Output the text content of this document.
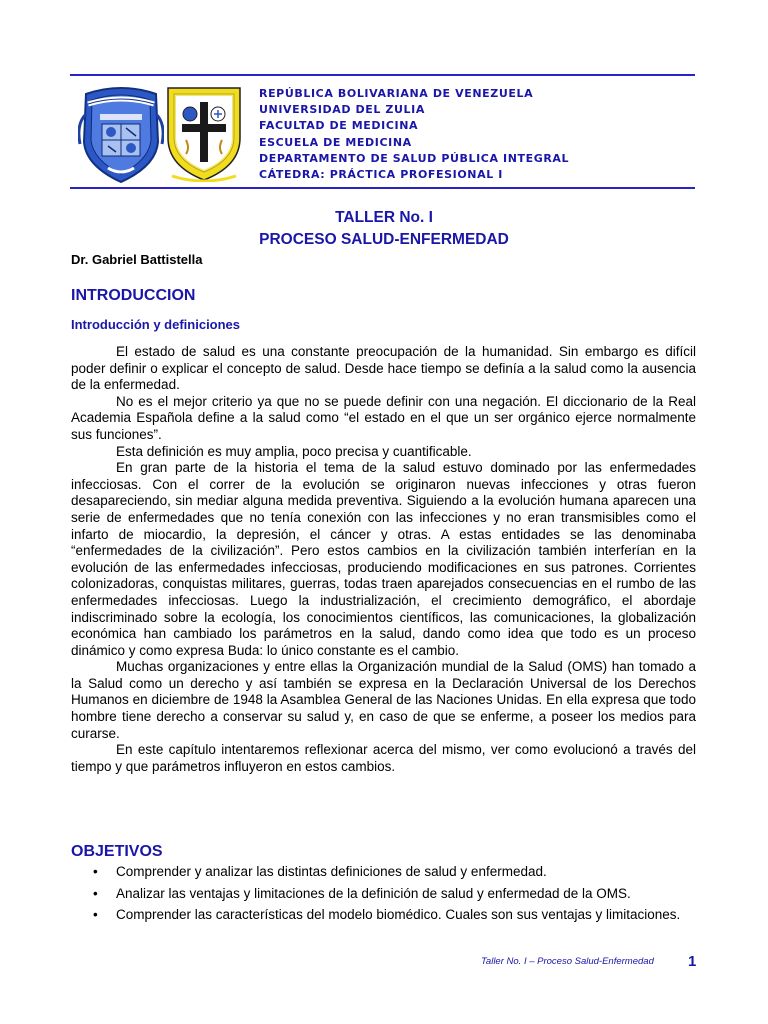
REPÚBLICA BOLIVARIANA DE VENEZUELA
UNIVERSIDAD DEL ZULIA
FACULTAD DE MEDICINA
ESCUELA DE MEDICINA
DEPARTAMENTO DE SALUD PÚBLICA INTEGRAL
CÁTEDRA: PRÁCTICA PROFESIONAL I
TALLER No. I
PROCESO SALUD-ENFERMEDAD
Dr. Gabriel Battistella
INTRODUCCION
Introducción y definiciones

El estado de salud es una constante preocupación de la humanidad. Sin embargo es difícil poder definir o explicar el concepto de salud. Desde hace tiempo se definía a la salud como la ausencia de la enfermedad.

No es el mejor criterio ya que no se puede definir con una negación. El diccionario de la Real Academia Española define a la salud como “el estado en el que un ser orgánico ejerce normalmente sus funciones”.

Esta definición es muy amplia, poco precisa y cuantificable.

En gran parte de la historia el tema de la salud estuvo dominado por las enfermedades infecciosas. Con el correr de la evolución se originaron nuevas infecciones y otras fueron desapareciendo, sin mediar alguna medida preventiva. Siguiendo a la evolución humana aparecen una serie de enfermedades que no tenía conexión con las infecciones y no eran transmisibles como el infarto de miocardio, la depresión, el cáncer y otras. A estas entidades se las denominaba “enfermedades de la civilización”. Pero estos cambios en la civilización también interferían en la evolución de las enfermedades infecciosas, produciendo modificaciones en sus patrones. Corrientes colonizadoras, conquistas militares, guerras, todas traen aparejados consecuencias en el rumbo de las enfermedades infecciosas. Luego la industrialización, el crecimiento demográfico, el abordaje indiscriminado sobre la ecología, los conocimientos científicos, las comunicaciones, la globalización económica han cambiado los parámetros en la salud, dando como idea que todo es un proceso dinámico y como expresa Buda: lo único constante es el cambio.

Muchas organizaciones y entre ellas la Organización mundial de la Salud (OMS) han tomado a la Salud como un derecho y así también se expresa en la Declaración Universal de los Derechos Humanos en diciembre de 1948 la Asamblea General de las Naciones Unidas. En ella expresa que todo hombre tiene derecho a conservar su salud y, en caso de que se enferme, a poseer los medios para curarse.

En este capítulo intentaremos reflexionar acerca del mismo, ver como evolucionó a través del tiempo y que parámetros influyeron en estos cambios.

OBJETIVOS
• Comprender y analizar las distintas definiciones de salud y enfermedad.
• Analizar las ventajas y limitaciones de la definición de salud y enfermedad de la OMS.
• Comprender las características del modelo biomédico. Cuales son sus ventajas y limitaciones.
Taller No. I – Proceso Salud-Enfermedad 1
